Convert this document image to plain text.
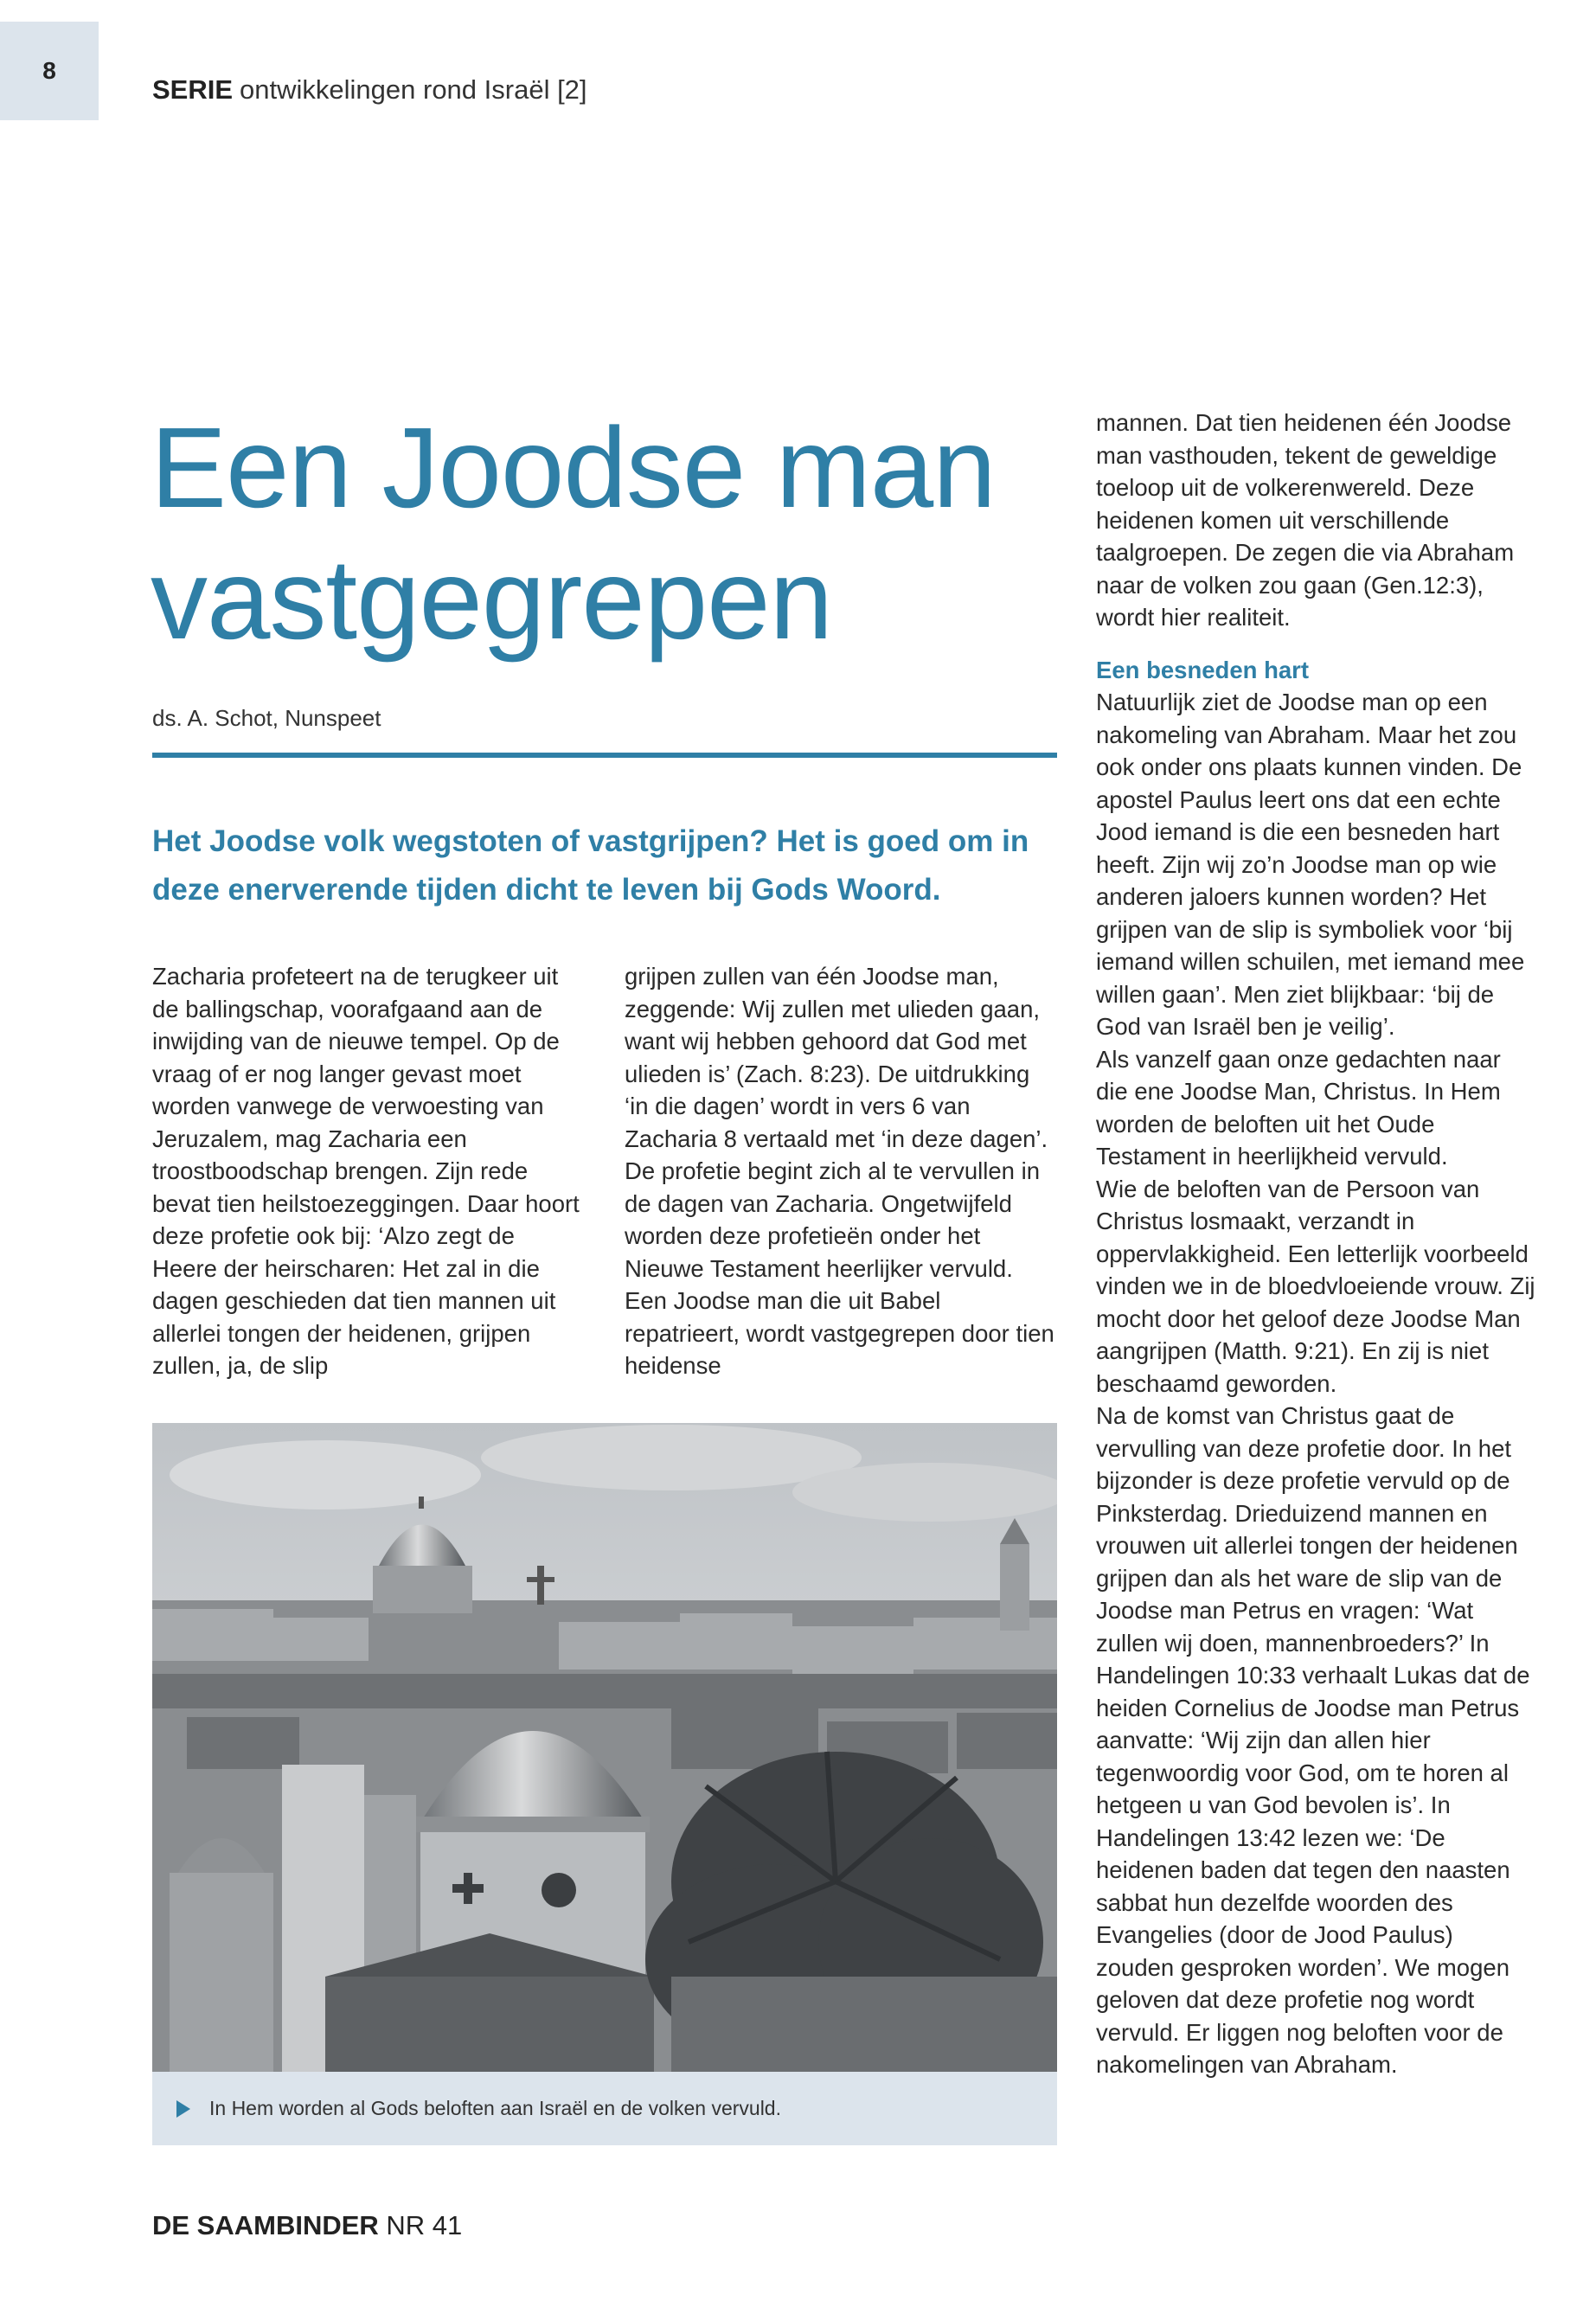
8
SERIE ontwikkelingen rond Israël [2]
Een Joodse man
vastgegrepen
ds. A. Schot, Nunspeet
Het Joodse volk wegstoten of vastgrijpen? Het is goed om in deze enerverende tijden dicht te leven bij Gods Woord.

Zacharia profeteert na de terugkeer uit de ballingschap, voorafgaand aan de inwijding van de nieuwe tempel. Op de vraag of er nog langer gevast moet worden vanwege de verwoesting van Jeruzalem, mag Zacharia een troostboodschap brengen. Zijn rede bevat tien heilstoezeggingen. Daar hoort deze profetie ook bij: ‘Alzo zegt de Heere der heirscharen: Het zal in die dagen geschieden dat tien mannen uit allerlei tongen der heidenen, grijpen zullen, ja, de slip

grijpen zullen van één Joodse man, zeggende: Wij zullen met ulieden gaan, want wij hebben gehoord dat God met ulieden is’ (Zach. 8:23). De uitdrukking ‘in die dagen’ wordt in vers 6 van Zacharia 8 vertaald met ‘in deze dagen’. De profetie begint zich al te vervullen in de dagen van Zacharia. Ongetwijfeld worden deze profetieën onder het Nieuwe Testament heerlijker vervuld. Een Joodse man die uit Babel repatrieert, wordt vastgegrepen door tien heidense

mannen. Dat tien heidenen één Joodse man vasthouden, tekent de geweldige toeloop uit de volkerenwereld. Deze heidenen komen uit verschillende taalgroepen. De zegen die via Abraham naar de volken zou gaan (Gen.12:3), wordt hier realiteit.

Een besneden hart

Natuurlijk ziet de Joodse man op een nakomeling van Abraham. Maar het zou ook onder ons plaats kunnen vinden. De apostel Paulus leert ons dat een echte Jood iemand is die een besneden hart heeft. Zijn wij zo’n Joodse man op wie anderen jaloers kunnen worden? Het grijpen van de slip is symboliek voor ‘bij iemand willen schuilen, met iemand mee willen gaan’. Men ziet blijkbaar: ‘bij de God van Israël ben je veilig’.

Als vanzelf gaan onze gedachten naar die ene Joodse Man, Christus. In Hem worden de beloften uit het Oude Testament in heerlijkheid vervuld.

Wie de beloften van de Persoon van Christus losmaakt, verzandt in oppervlakkigheid. Een letterlijk voorbeeld vinden we in de bloedvloeiende vrouw. Zij mocht door het geloof deze Joodse Man aangrijpen (Matth. 9:21). En zij is niet beschaamd geworden.

Na de komst van Christus gaat de vervulling van deze profetie door. In het bijzonder is deze profetie vervuld op de Pinksterdag. Drieduizend mannen en vrouwen uit allerlei tongen der heidenen grijpen dan als het ware de slip van de Joodse man Petrus en vragen: ‘Wat zullen wij doen, mannenbroeders?’ In Handelingen 10:33 verhaalt Lukas dat de heiden Cornelius de Joodse man Petrus aanvatte: ‘Wij zijn dan allen hier tegenwoordig voor God, om te horen al hetgeen u van God bevolen is’. In Handelingen 13:42 lezen we: ‘De heidenen baden dat tegen den naasten sabbat hun dezelfde woorden des Evangelies (door de Jood Paulus) zouden gesproken worden’. We mogen geloven dat deze profetie nog wordt vervuld. Er liggen nog beloften voor de nakomelingen van Abraham.

In Hem worden al Gods beloften aan Israël en de volken vervuld.
DE SAAMBINDER NR 41
